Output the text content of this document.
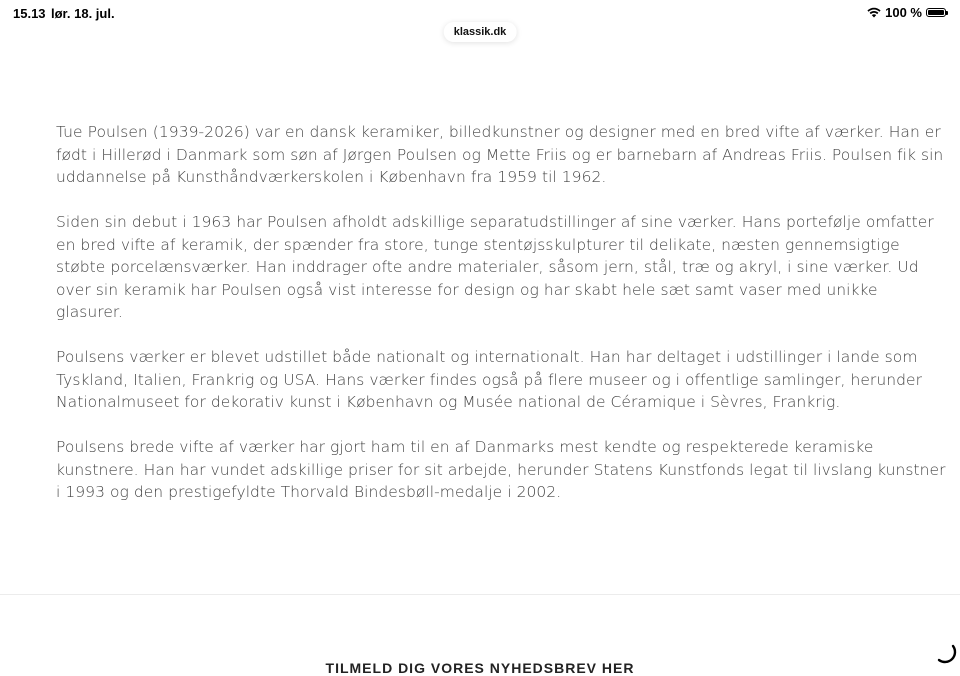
15.13 lør. 18. jul.	100 %
klassik.dk

Tue Poulsen (1939-2026) var en dansk keramiker, billedkunstner og designer med en bred vifte af værker. Han er født i Hillerød i Danmark som søn af Jørgen Poulsen og Mette Friis og er barnebarn af Andreas Friis. Poulsen fik sin uddannelse på Kunsthåndværkerskolen i København fra 1959 til 1962.

Siden sin debut i 1963 har Poulsen afholdt adskillige separatudstillinger af sine værker. Hans portefølje omfatter en bred vifte af keramik, der spænder fra store, tunge stentøjsskulpturer til delikate, næsten gennemsigtige støbte porcelænsværker. Han inddrager ofte andre materialer, såsom jern, stål, træ og akryl, i sine værker. Ud over sin keramik har Poulsen også vist interesse for design og har skabt hele sæt samt vaser med unikke glasurer.

Poulsens værker er blevet udstillet både nationalt og internationalt. Han har deltaget i udstillinger i lande som Tyskland, Italien, Frankrig og USA. Hans værker findes også på flere museer og i offentlige samlinger, herunder Nationalmuseet for dekorativ kunst i København og Musée national de Céramique i Sèvres, Frankrig.

Poulsens brede vifte af værker har gjort ham til en af Danmarks mest kendte og respekterede keramiske kunstnere. Han har vundet adskillige priser for sit arbejde, herunder Statens Kunstfonds legat til livslang kunstner i 1993 og den prestigefyldte Thorvald Bindesbøll-medalje i 2002.

TILMELD DIG VORES NYHEDSBREV HER
